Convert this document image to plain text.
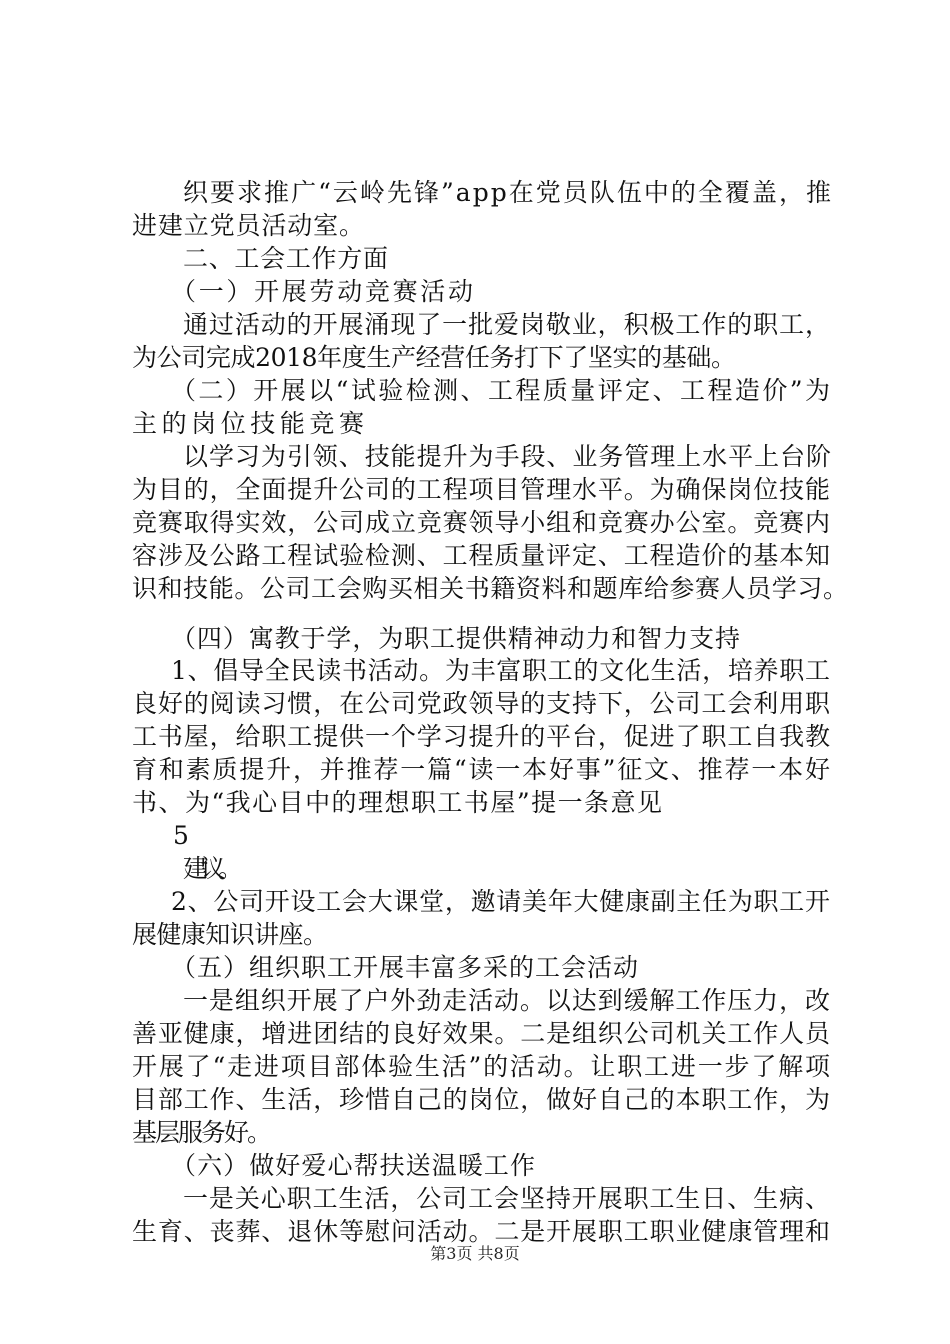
织要求推广“云岭先锋”app在党员队伍中的全覆盖，推
进建立党员活动室。
二、工会工作方面
（一）开展劳动竞赛活动
通过活动的开展涌现了一批爱岗敬业，积极工作的职工，
为公司完成2018年度生产经营任务打下了坚实的基础。
（二）开展以“试验检测、工程质量评定、工程造价”为
主的岗位技能竞赛
以学习为引领、技能提升为手段、业务管理上水平上台阶
为目的，全面提升公司的工程项目管理水平。为确保岗位技能
竞赛取得实效，公司成立竞赛领导小组和竞赛办公室。竞赛内
容涉及公路工程试验检测、工程质量评定、工程造价的基本知
识和技能。公司工会购买相关书籍资料和题库给参赛人员学习。
（四）寓教于学，为职工提供精神动力和智力支持
1、倡导全民读书活动。为丰富职工的文化生活，培养职工
良好的阅读习惯，在公司党政领导的支持下，公司工会利用职
工书屋，给职工提供一个学习提升的平台，促进了职工自我教
育和素质提升，并推荐一篇“读一本好事”征文、推荐一本好
书、为“我心目中的理想职工书屋”提一条意见
5
建议。
2、公司开设工会大课堂，邀请美年大健康副主任为职工开
展健康知识讲座。
（五）组织职工开展丰富多采的工会活动
一是组织开展了户外劲走活动。以达到缓解工作压力，改
善亚健康，增进团结的良好效果。二是组织公司机关工作人员
开展了“走进项目部体验生活”的活动。让职工进一步了解项
目部工作、生活，珍惜自己的岗位，做好自己的本职工作，为
基层服务好。
（六）做好爱心帮扶送温暖工作
一是关心职工生活，公司工会坚持开展职工生日、生病、
生育、丧葬、退休等慰问活动。二是开展职工职业健康管理和
第3页 共8页
